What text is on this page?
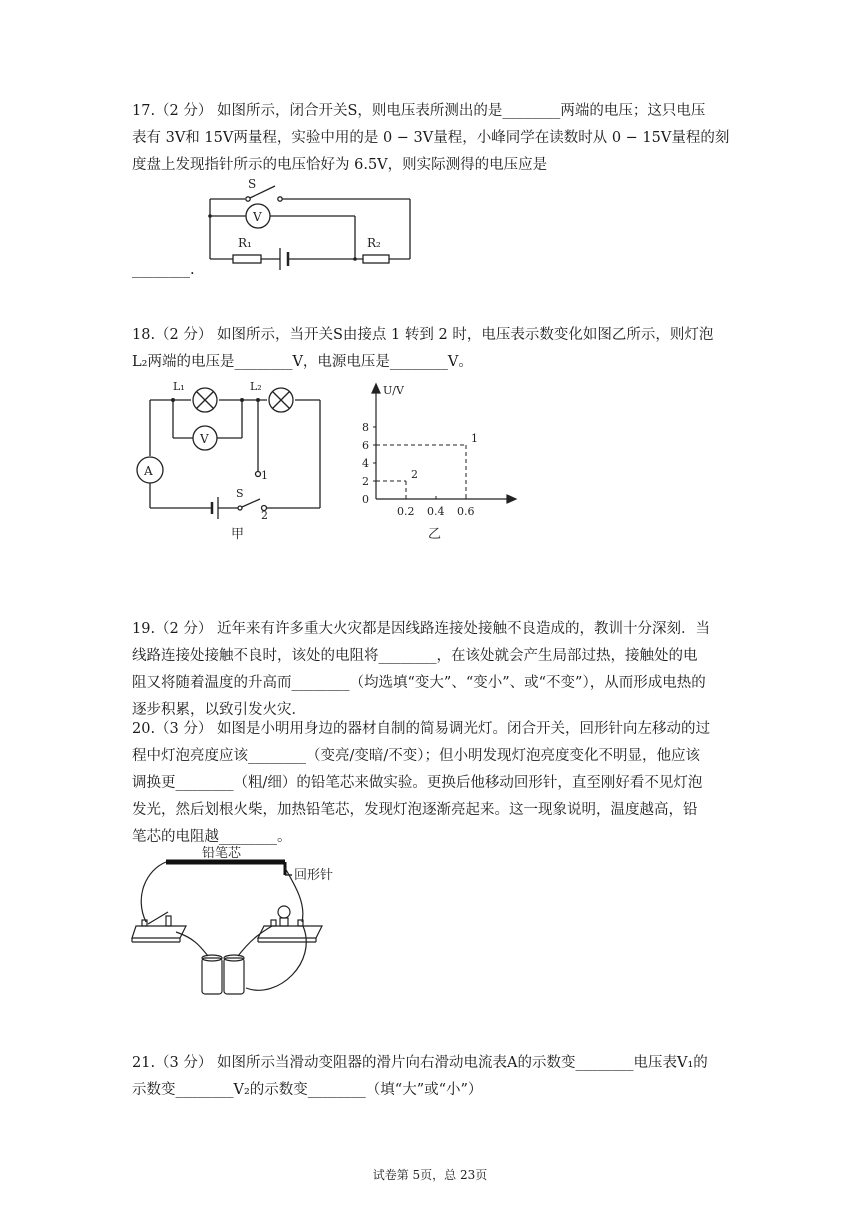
17.（2 分） 如图所示，闭合开关S，则电压表所测出的是________两端的电压；这只电压
表有 3V和 15V两量程，实验中用的是 0 − 3V量程，小峰同学在读数时从 0 − 15V量程的刻
度盘上发现指针所示的电压恰好为 6.5V，则实际测得的电压应是
S
V
R₁	R₂
________.
18.（2 分） 如图所示，当开关S由接点 1 转到 2 时，电压表示数变化如图乙所示，则灯泡
L₂两端的电压是________V，电源电压是________V。
L₁	L₂
V
A
S
1
2
甲
U/V
0
2
4
6
8
0.2 0.4 0.6
1
2
乙
19.（2 分） 近年来有许多重大火灾都是因线路连接处接触不良造成的，教训十分深刻．当
线路连接处接触不良时，该处的电阻将________，在该处就会产生局部过热，接触处的电
阻又将随着温度的升高而________（均选填“变大”、“变小”、或“不变”），从而形成电热的
逐步积累，以致引发火灾．
20.（3 分） 如图是小明用身边的器材自制的简易调光灯。闭合开关，回形针向左移动的过
程中灯泡亮度应该________（变亮/变暗/不变）；但小明发现灯泡亮度变化不明显，他应该
调换更________（粗/细）的铅笔芯来做实验。更换后他移动回形针，直至刚好看不见灯泡
发光，然后划根火柴，加热铅笔芯，发现灯泡逐渐亮起来。这一现象说明，温度越高，铅
笔芯的电阻越________。
铅笔芯
回形针
21.（3 分） 如图所示当滑动变阻器的滑片向右滑动电流表A的示数变________电压表V₁的
示数变________V₂的示数变________（填“大”或“小”）
试卷第 5页，总 23页
